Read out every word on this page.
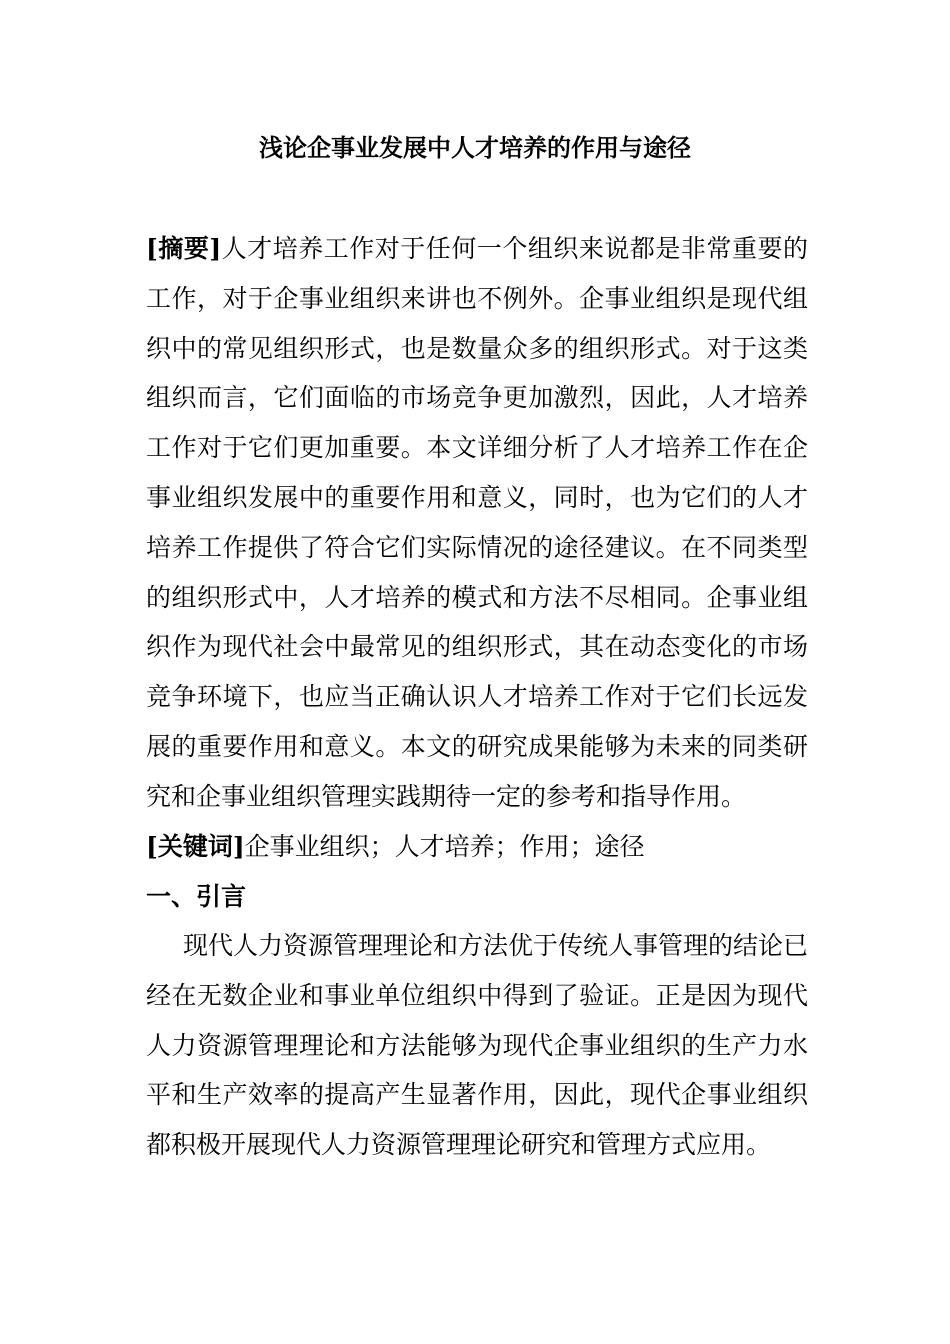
浅论企事业发展中人才培养的作用与途径
[摘要]人才培养工作对于任何一个组织来说都是非常重要的工作，对于企事业组织来讲也不例外。企事业组织是现代组织中的常见组织形式，也是数量众多的组织形式。对于这类组织而言，它们面临的市场竞争更加激烈，因此，人才培养工作对于它们更加重要。本文详细分析了人才培养工作在企事业组织发展中的重要作用和意义，同时，也为它们的人才培养工作提供了符合它们实际情况的途径建议。在不同类型的组织形式中，人才培养的模式和方法不尽相同。企事业组织作为现代社会中最常见的组织形式，其在动态变化的市场竞争环境下，也应当正确认识人才培养工作对于它们长远发展的重要作用和意义。本文的研究成果能够为未来的同类研究和企事业组织管理实践期待一定的参考和指导作用。
[关键词]企事业组织；人才培养；作用；途径
一、引言
现代人力资源管理理论和方法优于传统人事管理的结论已经在无数企业和事业单位组织中得到了验证。正是因为现代人力资源管理理论和方法能够为现代企事业组织的生产力水平和生产效率的提高产生显著作用，因此，现代企事业组织都积极开展现代人力资源管理理论研究和管理方式应用。
